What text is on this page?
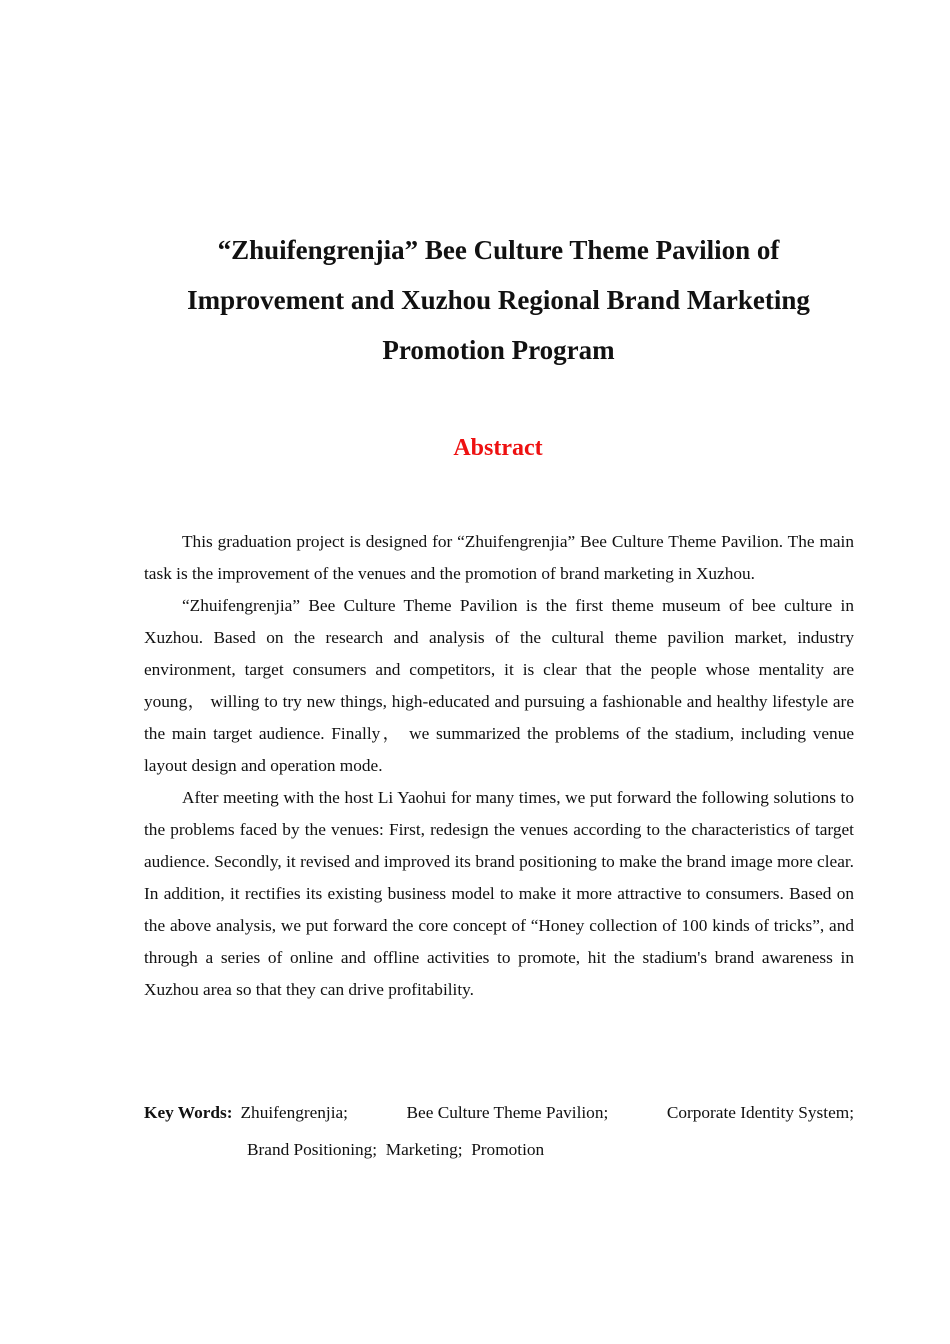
“Zhuifengrenjia” Bee Culture Theme Pavilion of
Improvement and Xuzhou Regional Brand Marketing
Promotion Program
Abstract

This graduation project is designed for “Zhuifengrenjia” Bee Culture Theme Pavilion. The main task is the improvement of the venues and the promotion of brand marketing in Xuzhou.

“Zhuifengrenjia” Bee Culture Theme Pavilion is the first theme museum of bee culture in Xuzhou. Based on the research and analysis of the cultural theme pavilion market, industry environment, target consumers and competitors, it is clear that the people whose mentality are young， willing to try new things, high-educated and pursuing a fashionable and healthy lifestyle are the main target audience. Finally， we summarized the problems of the stadium, including venue layout design and operation mode.

After meeting with the host Li Yaohui for many times, we put forward the following solutions to the problems faced by the venues: First, redesign the venues according to the characteristics of target audience. Secondly, it revised and improved its brand positioning to make the brand image more clear. In addition, it rectifies its existing business model to make it more attractive to consumers. Based on the above analysis, we put forward the core concept of “Honey collection of 100 kinds of tricks”, and through a series of online and offline activities to promote, hit the stadium's brand awareness in Xuzhou area so that they can drive profitability.

Key Words: Zhuifengrenjia;	Bee Culture Theme Pavilion;	Corporate Identity System;
Brand Positioning; Marketing; Promotion
